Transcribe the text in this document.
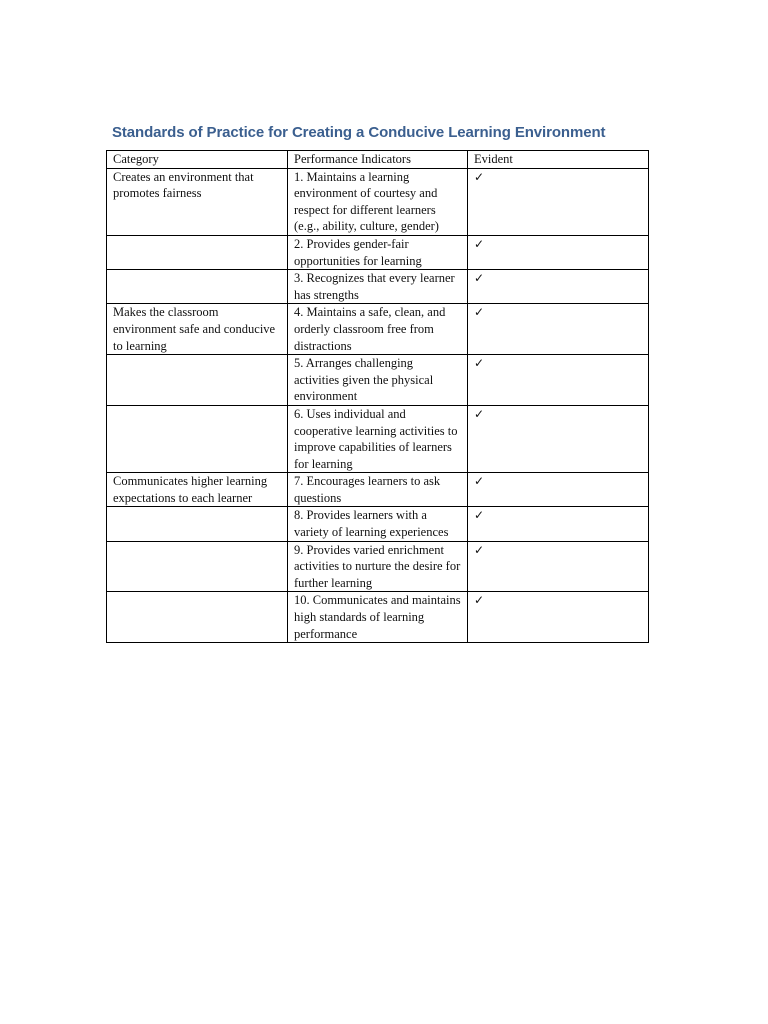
Standards of Practice for Creating a Conducive Learning Environment
Category	Performance Indicators	Evident
Creates an environment that promotes fairness	1. Maintains a learning environment of courtesy and respect for different learners (e.g., ability, culture, gender)	✓
	2. Provides gender-fair opportunities for learning	✓
	3. Recognizes that every learner has strengths	✓
Makes the classroom environment safe and conducive to learning	4. Maintains a safe, clean, and orderly classroom free from distractions	✓
	5. Arranges challenging activities given the physical environment	✓
	6. Uses individual and cooperative learning activities to improve capabilities of learners for learning	✓
Communicates higher learning expectations to each learner	7. Encourages learners to ask questions	✓
	8. Provides learners with a variety of learning experiences	✓
	9. Provides varied enrichment activities to nurture the desire for further learning	✓
	10. Communicates and maintains high standards of learning performance	✓
